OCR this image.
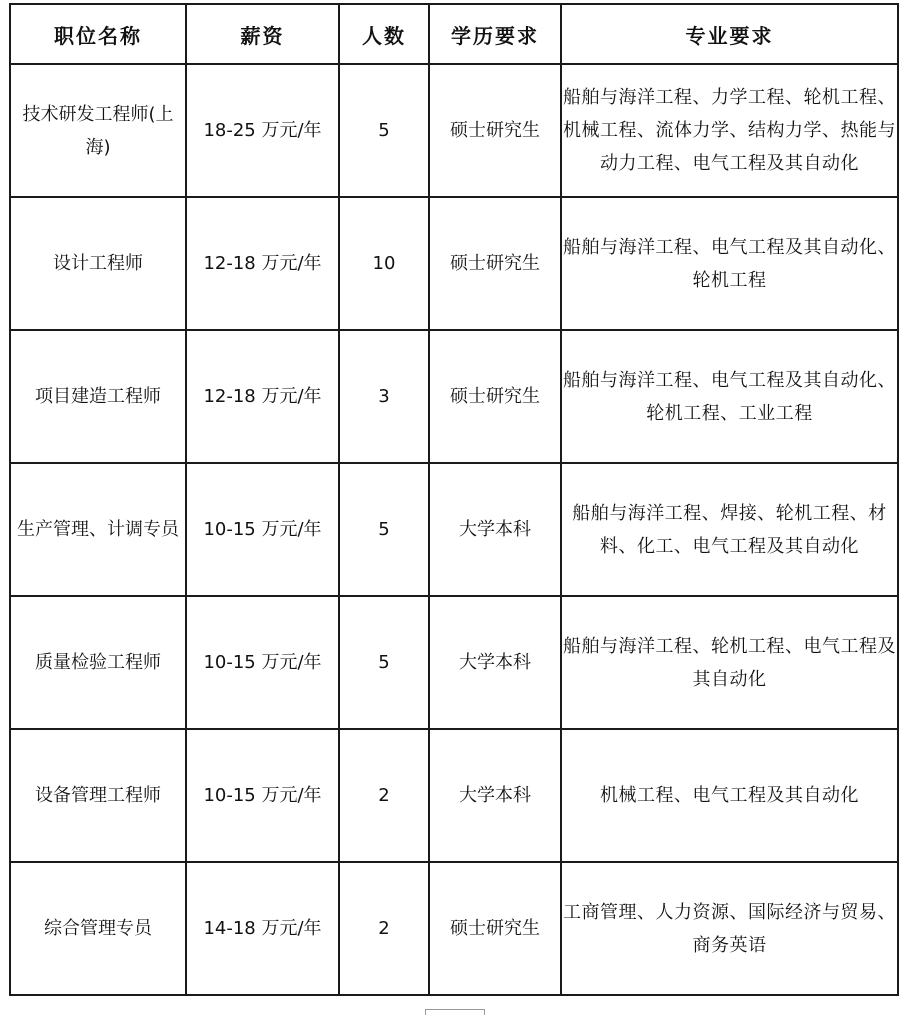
职位名称	薪资	人数	学历要求	专业要求
技术研发工程师(上海)	18-25 万元/年	5	硕士研究生	船舶与海洋工程、力学工程、轮机工程、机械工程、流体力学、结构力学、热能与动力工程、电气工程及其自动化
设计工程师	12-18 万元/年	10	硕士研究生	船舶与海洋工程、电气工程及其自动化、轮机工程
项目建造工程师	12-18 万元/年	3	硕士研究生	船舶与海洋工程、电气工程及其自动化、轮机工程、工业工程
生产管理、计调专员	10-15 万元/年	5	大学本科	船舶与海洋工程、焊接、轮机工程、材料、化工、电气工程及其自动化
质量检验工程师	10-15 万元/年	5	大学本科	船舶与海洋工程、轮机工程、电气工程及其自动化
设备管理工程师	10-15 万元/年	2	大学本科	机械工程、电气工程及其自动化
综合管理专员	14-18 万元/年	2	硕士研究生	工商管理、人力资源、国际经济与贸易、商务英语
